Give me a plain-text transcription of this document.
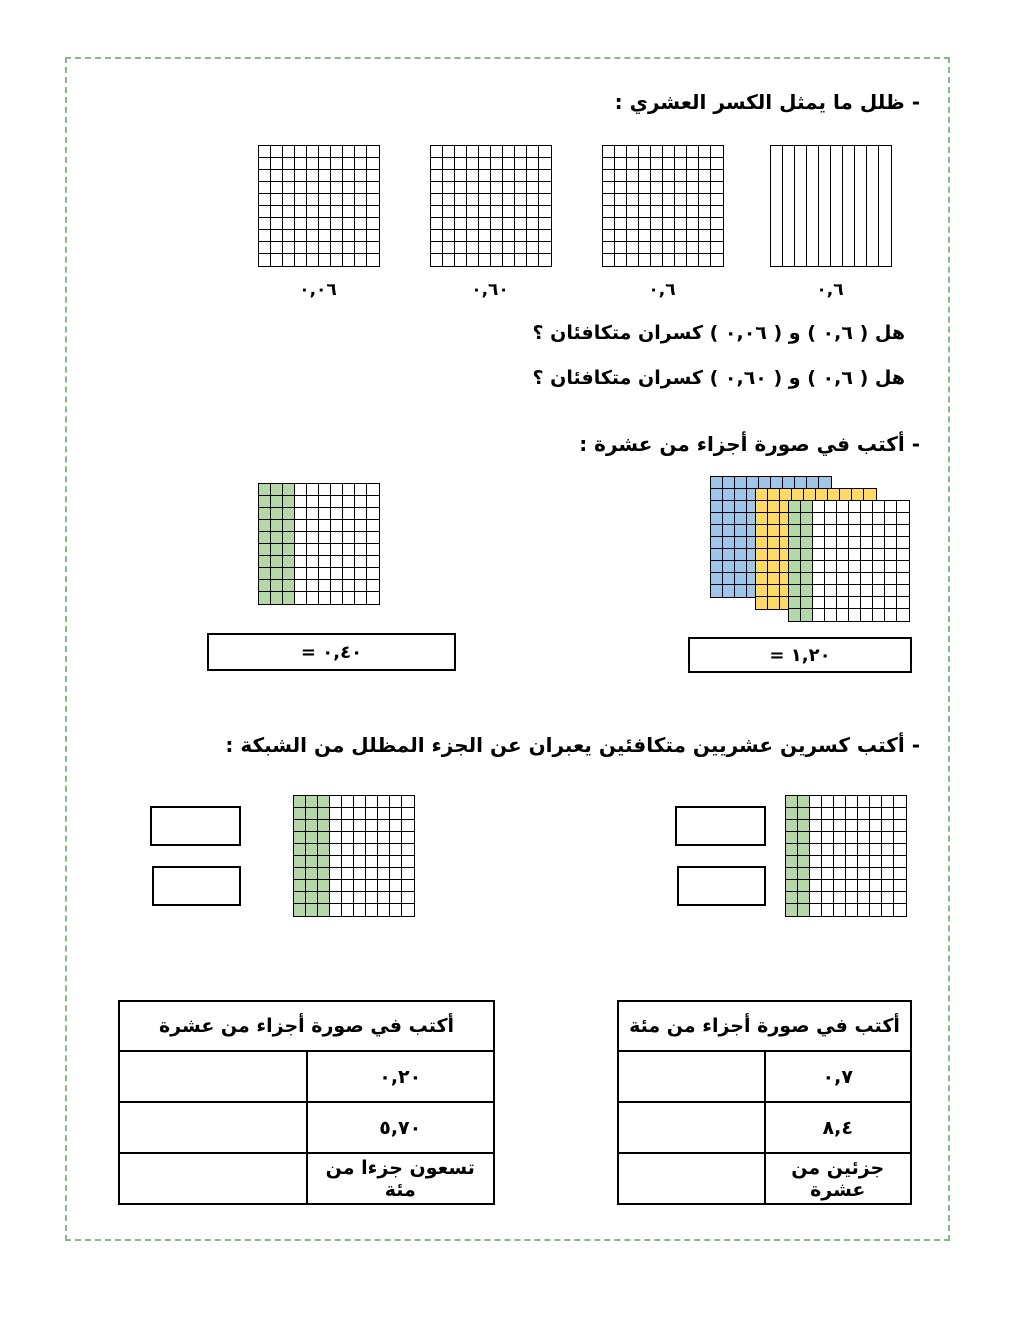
- ظلل ما يمثل الكسر العشري :
٠,٠٦	٠,٦٠	٠,٦	٠,٦
هل ( ٠,٦ ) و ( ٠,٠٦ ) كسران متكافئان ؟
هل ( ٠,٦ ) و ( ٠,٦٠ ) كسران متكافئان ؟
- أكتب في صورة أجزاء من عشرة :
= ٠,٤٠	= ١,٢٠
- أكتب كسرين عشريين متكافئين يعبران عن الجزء المظلل من الشبكة :
أكتب في صورة أجزاء من عشرة	
٠,٢٠	
٥,٧٠	
تسعون جزءا من مئة	
أكتب في صورة أجزاء من مئة	
٠,٧	
٨,٤	
جزئين من عشرة	
